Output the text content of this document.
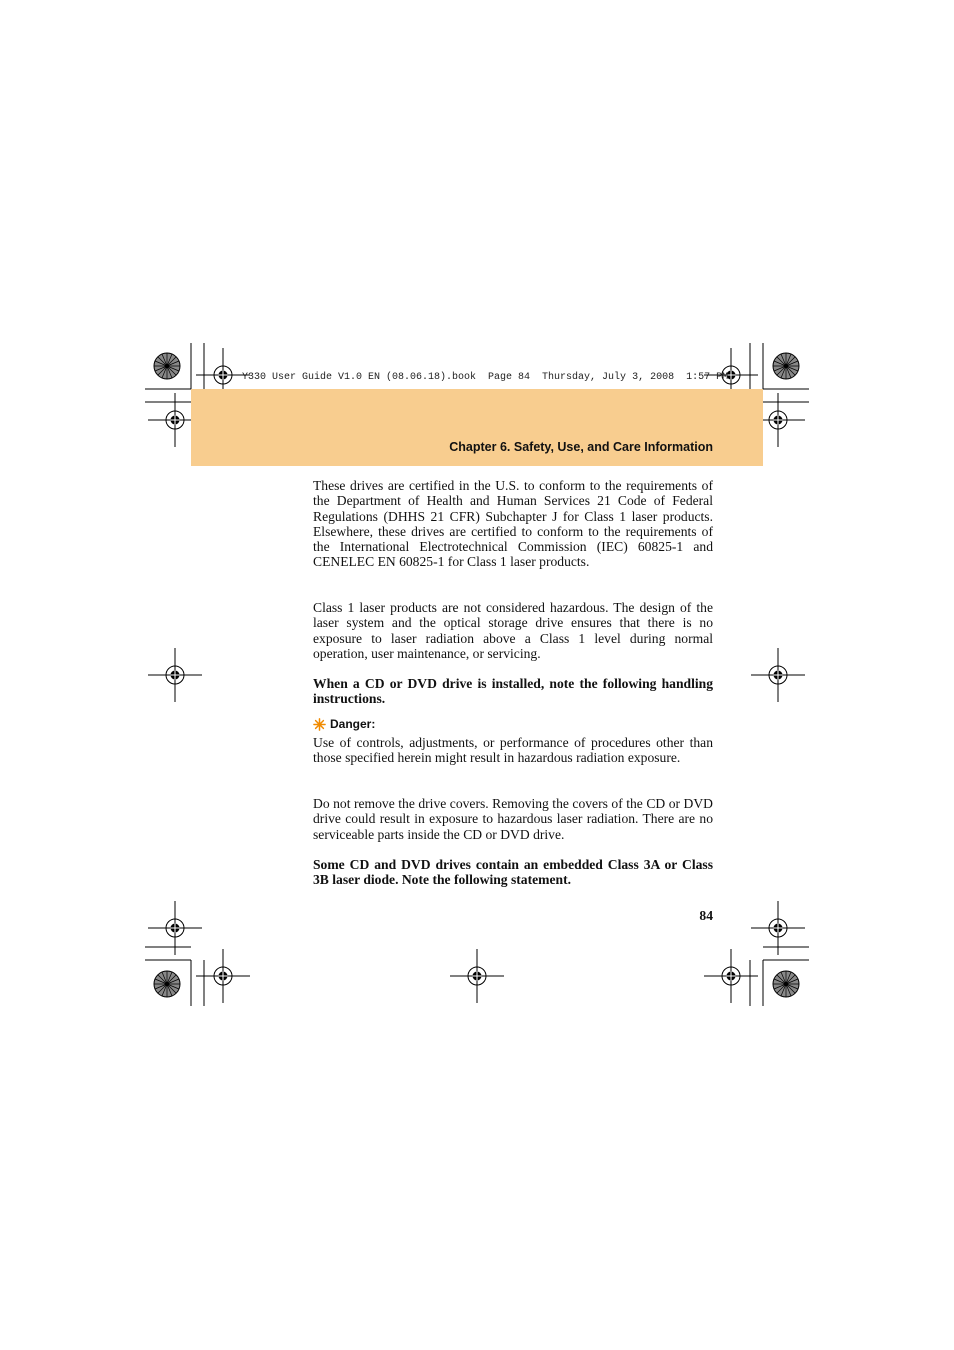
Y330 User Guide V1.0 EN (08.06.18).book  Page 84  Thursday, July 3, 2008  1:57 PM
Chapter 6. Safety, Use, and Care Information
These drives are certified in the U.S. to conform to the requirements of the Department of Health and Human Services 21 Code of Federal Regulations (DHHS 21 CFR) Subchapter J for Class 1 laser products. Elsewhere, these drives are certified to conform to the requirements of the International Electrotechnical Commission (IEC) 60825-1 and CENELEC EN 60825-1 for Class 1 laser products.
Class 1 laser products are not considered hazardous. The design of the laser system and the optical storage drive ensures that there is no exposure to laser radiation above a Class 1 level during normal operation, user maintenance, or servicing.
When a CD or DVD drive is installed, note the following handling instructions.
Danger:
Use of controls, adjustments, or performance of procedures other than those specified herein might result in hazardous radiation exposure.
Do not remove the drive covers. Removing the covers of the CD or DVD drive could result in exposure to hazardous laser radiation. There are no serviceable parts inside the CD or DVD drive.
Some CD and DVD drives contain an embedded Class 3A or Class 3B laser diode. Note the following statement.
84
